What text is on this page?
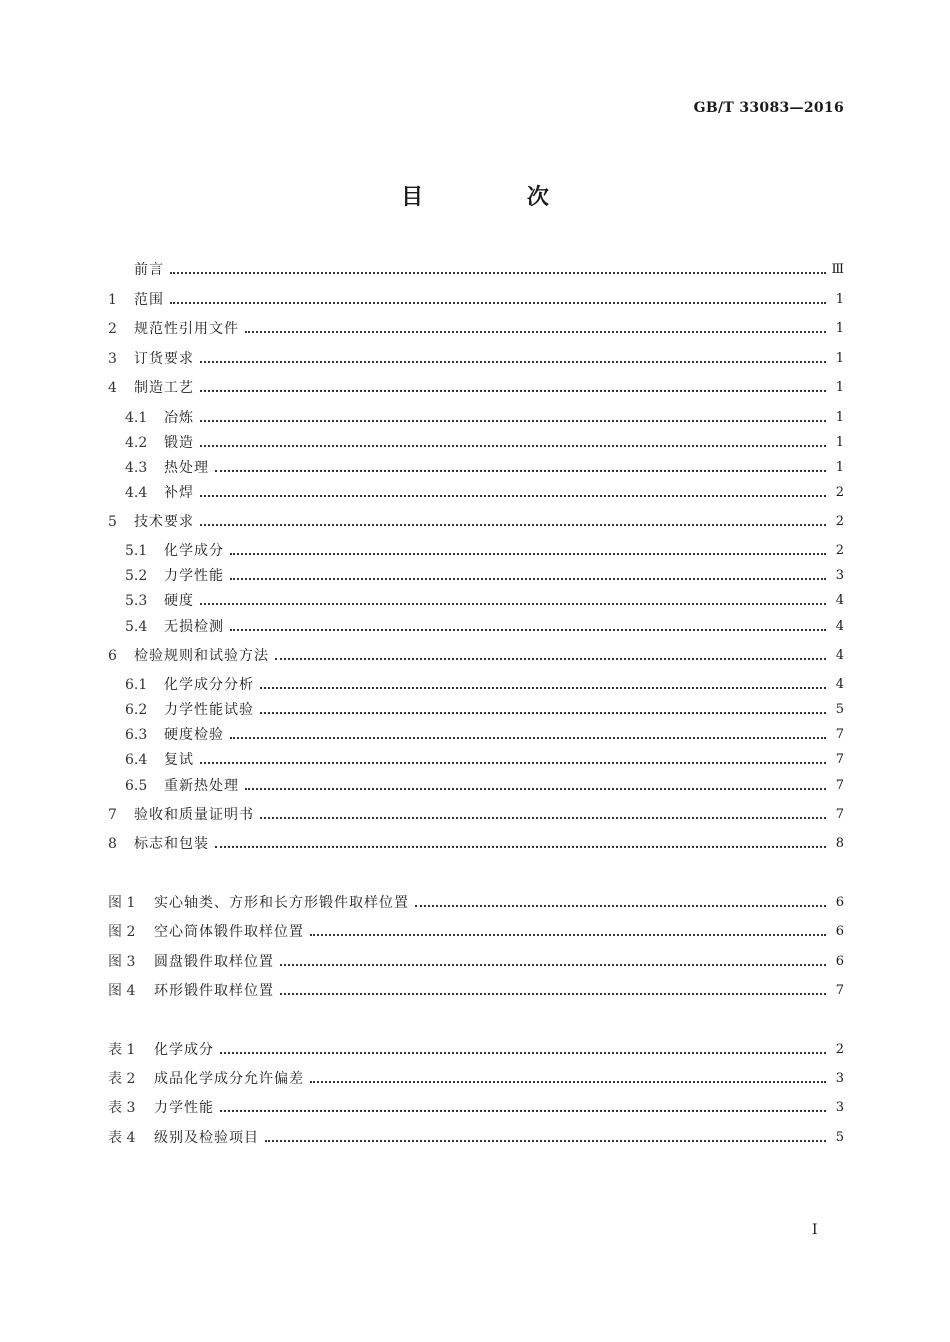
GB/T 33083—2016
目 次
前言	Ⅲ
1	范围	1
2	规范性引用文件	1
3	订货要求	1
4	制造工艺	1
4.1	冶炼	1
4.2	锻造	1
4.3	热处理	1
4.4	补焊	2
5	技术要求	2
5.1	化学成分	2
5.2	力学性能	3
5.3	硬度	4
5.4	无损检测	4
6	检验规则和试验方法	4
6.1	化学成分分析	4
6.2	力学性能试验	5
6.3	硬度检验	7
6.4	复试	7
6.5	重新热处理	7
7	验收和质量证明书	7
8	标志和包装	8
图 1	实心轴类、方形和长方形锻件取样位置	6
图 2	空心筒体锻件取样位置	6
图 3	圆盘锻件取样位置	6
图 4	环形锻件取样位置	7
表 1	化学成分	2
表 2	成品化学成分允许偏差	3
表 3	力学性能	3
表 4	级别及检验项目	5
I
